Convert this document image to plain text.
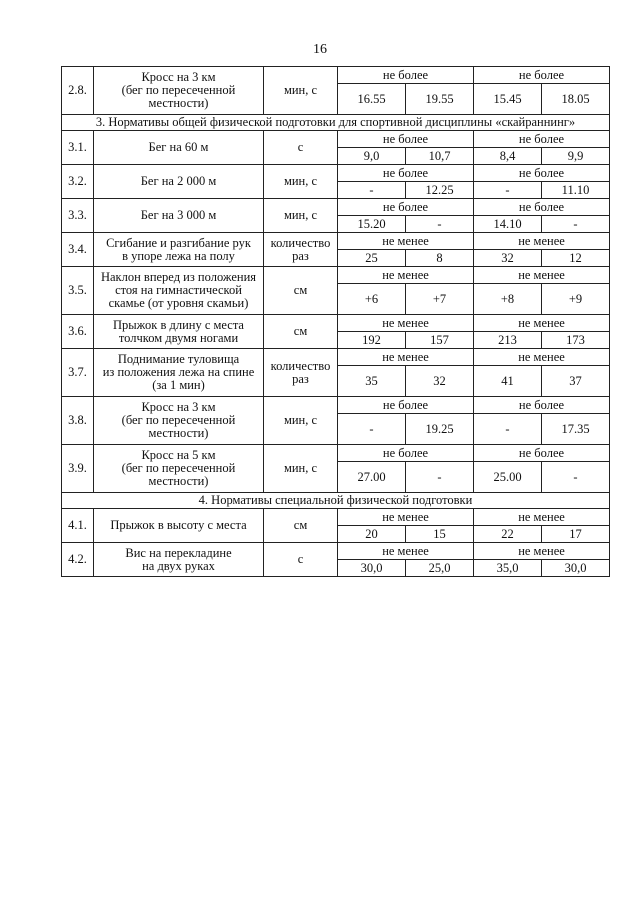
16
2.8.	Кросс на 3 км
(бег по пересеченной
местности)	мин, с	не более		не более	
			16.55	19.55	15.45	18.05
3. Нормативы общей физической подготовки для спортивной дисциплины «скайраннинг»						
3.1.	Бег на 60 м	с	не более		не более	
			9,0	10,7	8,4	9,9
3.2.	Бег на 2 000 м	мин, с	не более		не более	
			-	12.25	-	11.10
3.3.	Бег на 3 000 м	мин, с	не более		не более	
			15.20	-	14.10	-
3.4.	Сгибание и разгибание рук
в упоре лежа на полу	количество
раз	не менее		не менее	
			25	8	32	12
3.5.	Наклон вперед из положения
стоя на гимнастической
скамье (от уровня скамьи)	см	не менее		не менее	
			+6	+7	+8	+9
3.6.	Прыжок в длину с места
толчком двумя ногами	см	не менее		не менее	
			192	157	213	173
3.7.	Поднимание туловища
из положения лежа на спине
(за 1 мин)	количество
раз	не менее		не менее	
			35	32	41	37
3.8.	Кросс на 3 км
(бег по пересеченной
местности)	мин, с	не более		не более	
			-	19.25	-	17.35
3.9.	Кросс на 5 км
(бег по пересеченной
местности)	мин, с	не более		не более	
			27.00	-	25.00	-
4. Нормативы специальной физической подготовки						
4.1.	Прыжок в высоту с места	см	не менее		не менее	
			20	15	22	17
4.2.	Вис на перекладине
на двух руках	с	не менее		не менее	
			30,0	25,0	35,0	30,0
